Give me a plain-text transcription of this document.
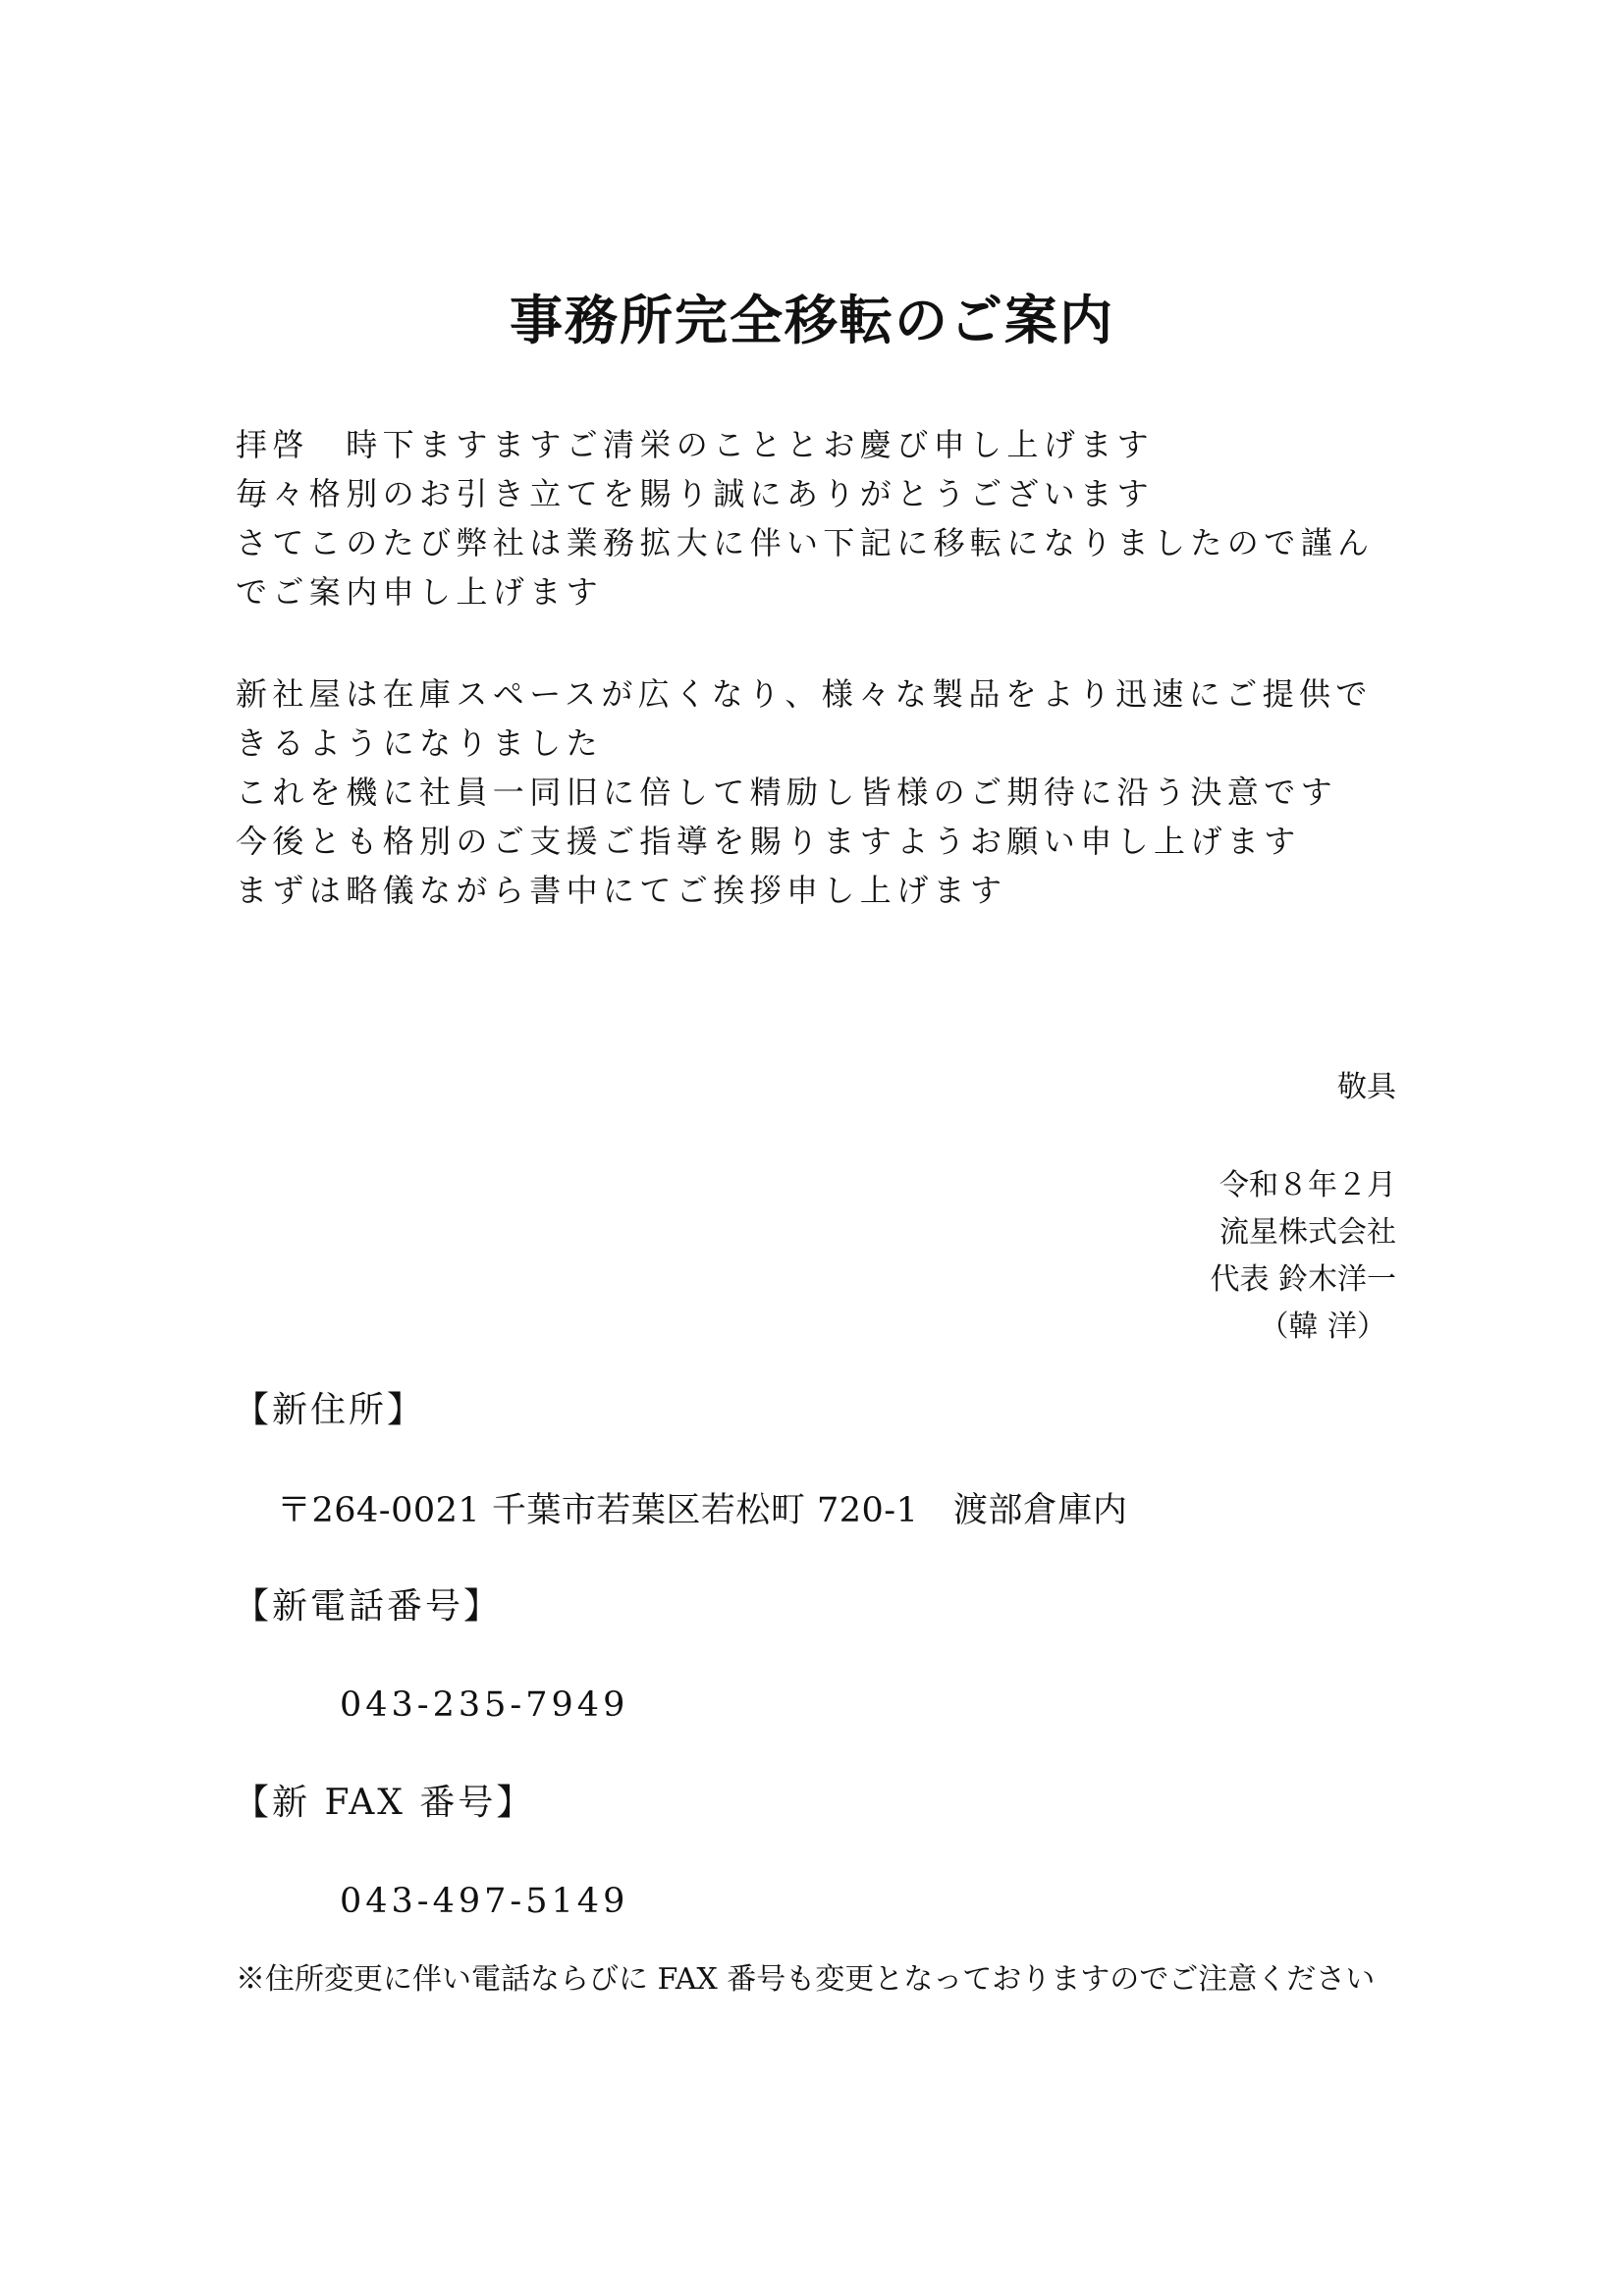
事務所完全移転のご案内
拝啓　時下ますますご清栄のこととお慶び申し上げます
毎々格別のお引き立てを賜り誠にありがとうございます
さてこのたび弊社は業務拡大に伴い下記に移転になりましたので謹ん
でご案内申し上げます
新社屋は在庫スペースが広くなり、様々な製品をより迅速にご提供で
きるようになりました
これを機に社員一同旧に倍して精励し皆様のご期待に沿う決意です
今後とも格別のご支援ご指導を賜りますようお願い申し上げます
まずは略儀ながら書中にてご挨拶申し上げます
敬具
令和８年２月
流星株式会社
代表 鈴木洋一
（韓 洋）
【新住所】
〒264-0021 千葉市若葉区若松町 720-1　渡部倉庫内
【新電話番号】
043-235-7949
【新 FAX 番号】
043-497-5149
※住所変更に伴い電話ならびに FAX 番号も変更となっておりますのでご注意ください
